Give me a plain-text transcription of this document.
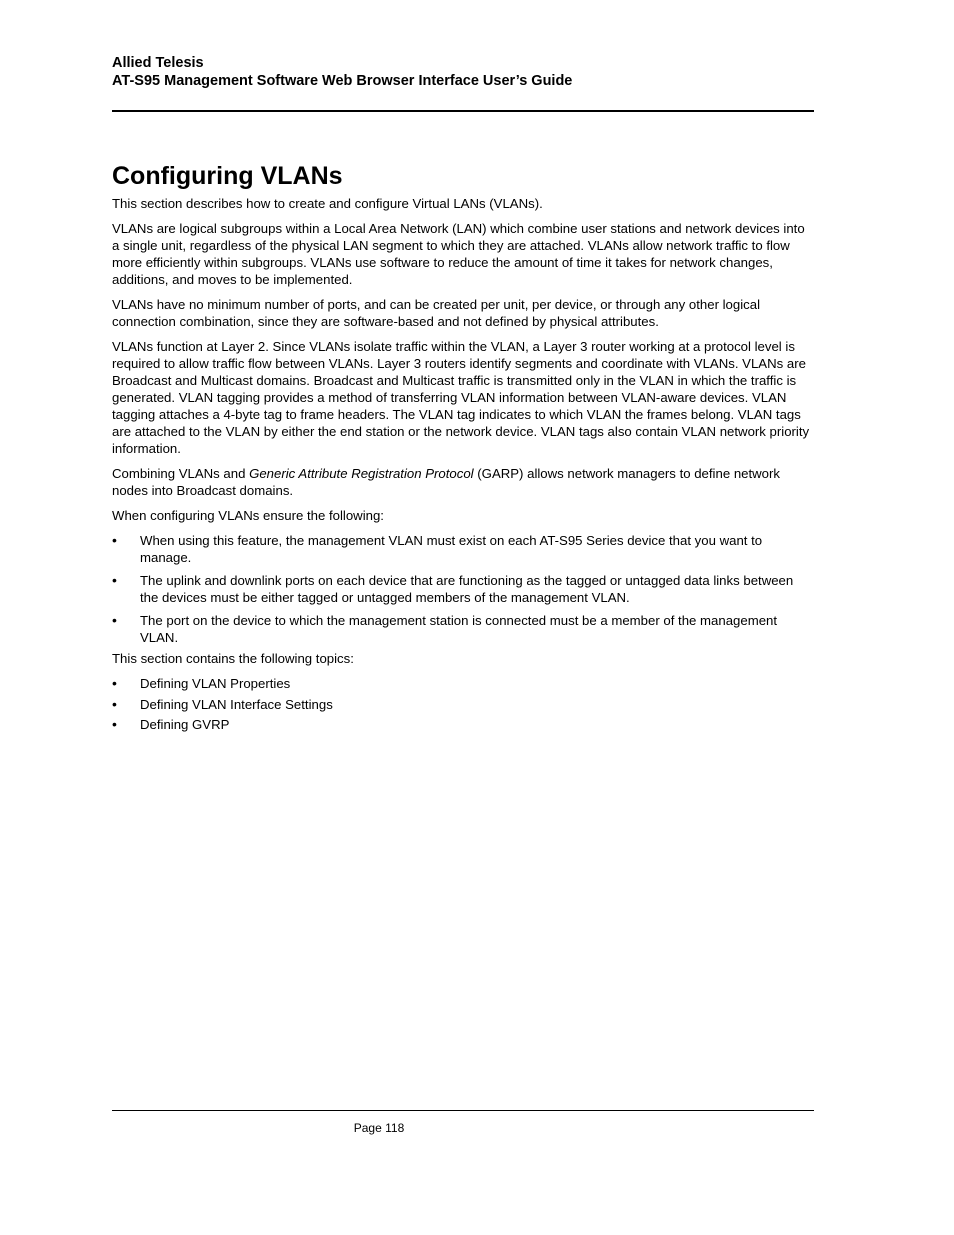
Allied Telesis
AT-S95 Management Software Web Browser Interface User’s Guide
Configuring VLANs

This section describes how to create and configure Virtual LANs (VLANs).

VLANs are logical subgroups within a Local Area Network (LAN) which combine user stations and network devices into a single unit, regardless of the physical LAN segment to which they are attached. VLANs allow network traffic to flow more efficiently within subgroups. VLANs use software to reduce the amount of time it takes for network changes, additions, and moves to be implemented.

VLANs have no minimum number of ports, and can be created per unit, per device, or through any other logical connection combination, since they are software-based and not defined by physical attributes.

VLANs function at Layer 2. Since VLANs isolate traffic within the VLAN, a Layer 3 router working at a protocol level is required to allow traffic flow between VLANs. Layer 3 routers identify segments and coordinate with VLANs. VLANs are Broadcast and Multicast domains. Broadcast and Multicast traffic is transmitted only in the VLAN in which the traffic is generated. VLAN tagging provides a method of transferring VLAN information between VLAN-aware devices. VLAN tagging attaches a 4-byte tag to frame headers. The VLAN tag indicates to which VLAN the frames belong. VLAN tags are attached to the VLAN by either the end station or the network device. VLAN tags also contain VLAN network priority information.

Combining VLANs and Generic Attribute Registration Protocol (GARP) allows network managers to define network nodes into Broadcast domains.

When configuring VLANs ensure the following:

• When using this feature, the management VLAN must exist on each AT-S95 Series device that you want to manage.
• The uplink and downlink ports on each device that are functioning as the tagged or untagged data links between the devices must be either tagged or untagged members of the management VLAN.
• The port on the device to which the management station is connected must be a member of the management VLAN.

This section contains the following topics:

• Defining VLAN Properties
• Defining VLAN Interface Settings
• Defining GVRP
Page 118
